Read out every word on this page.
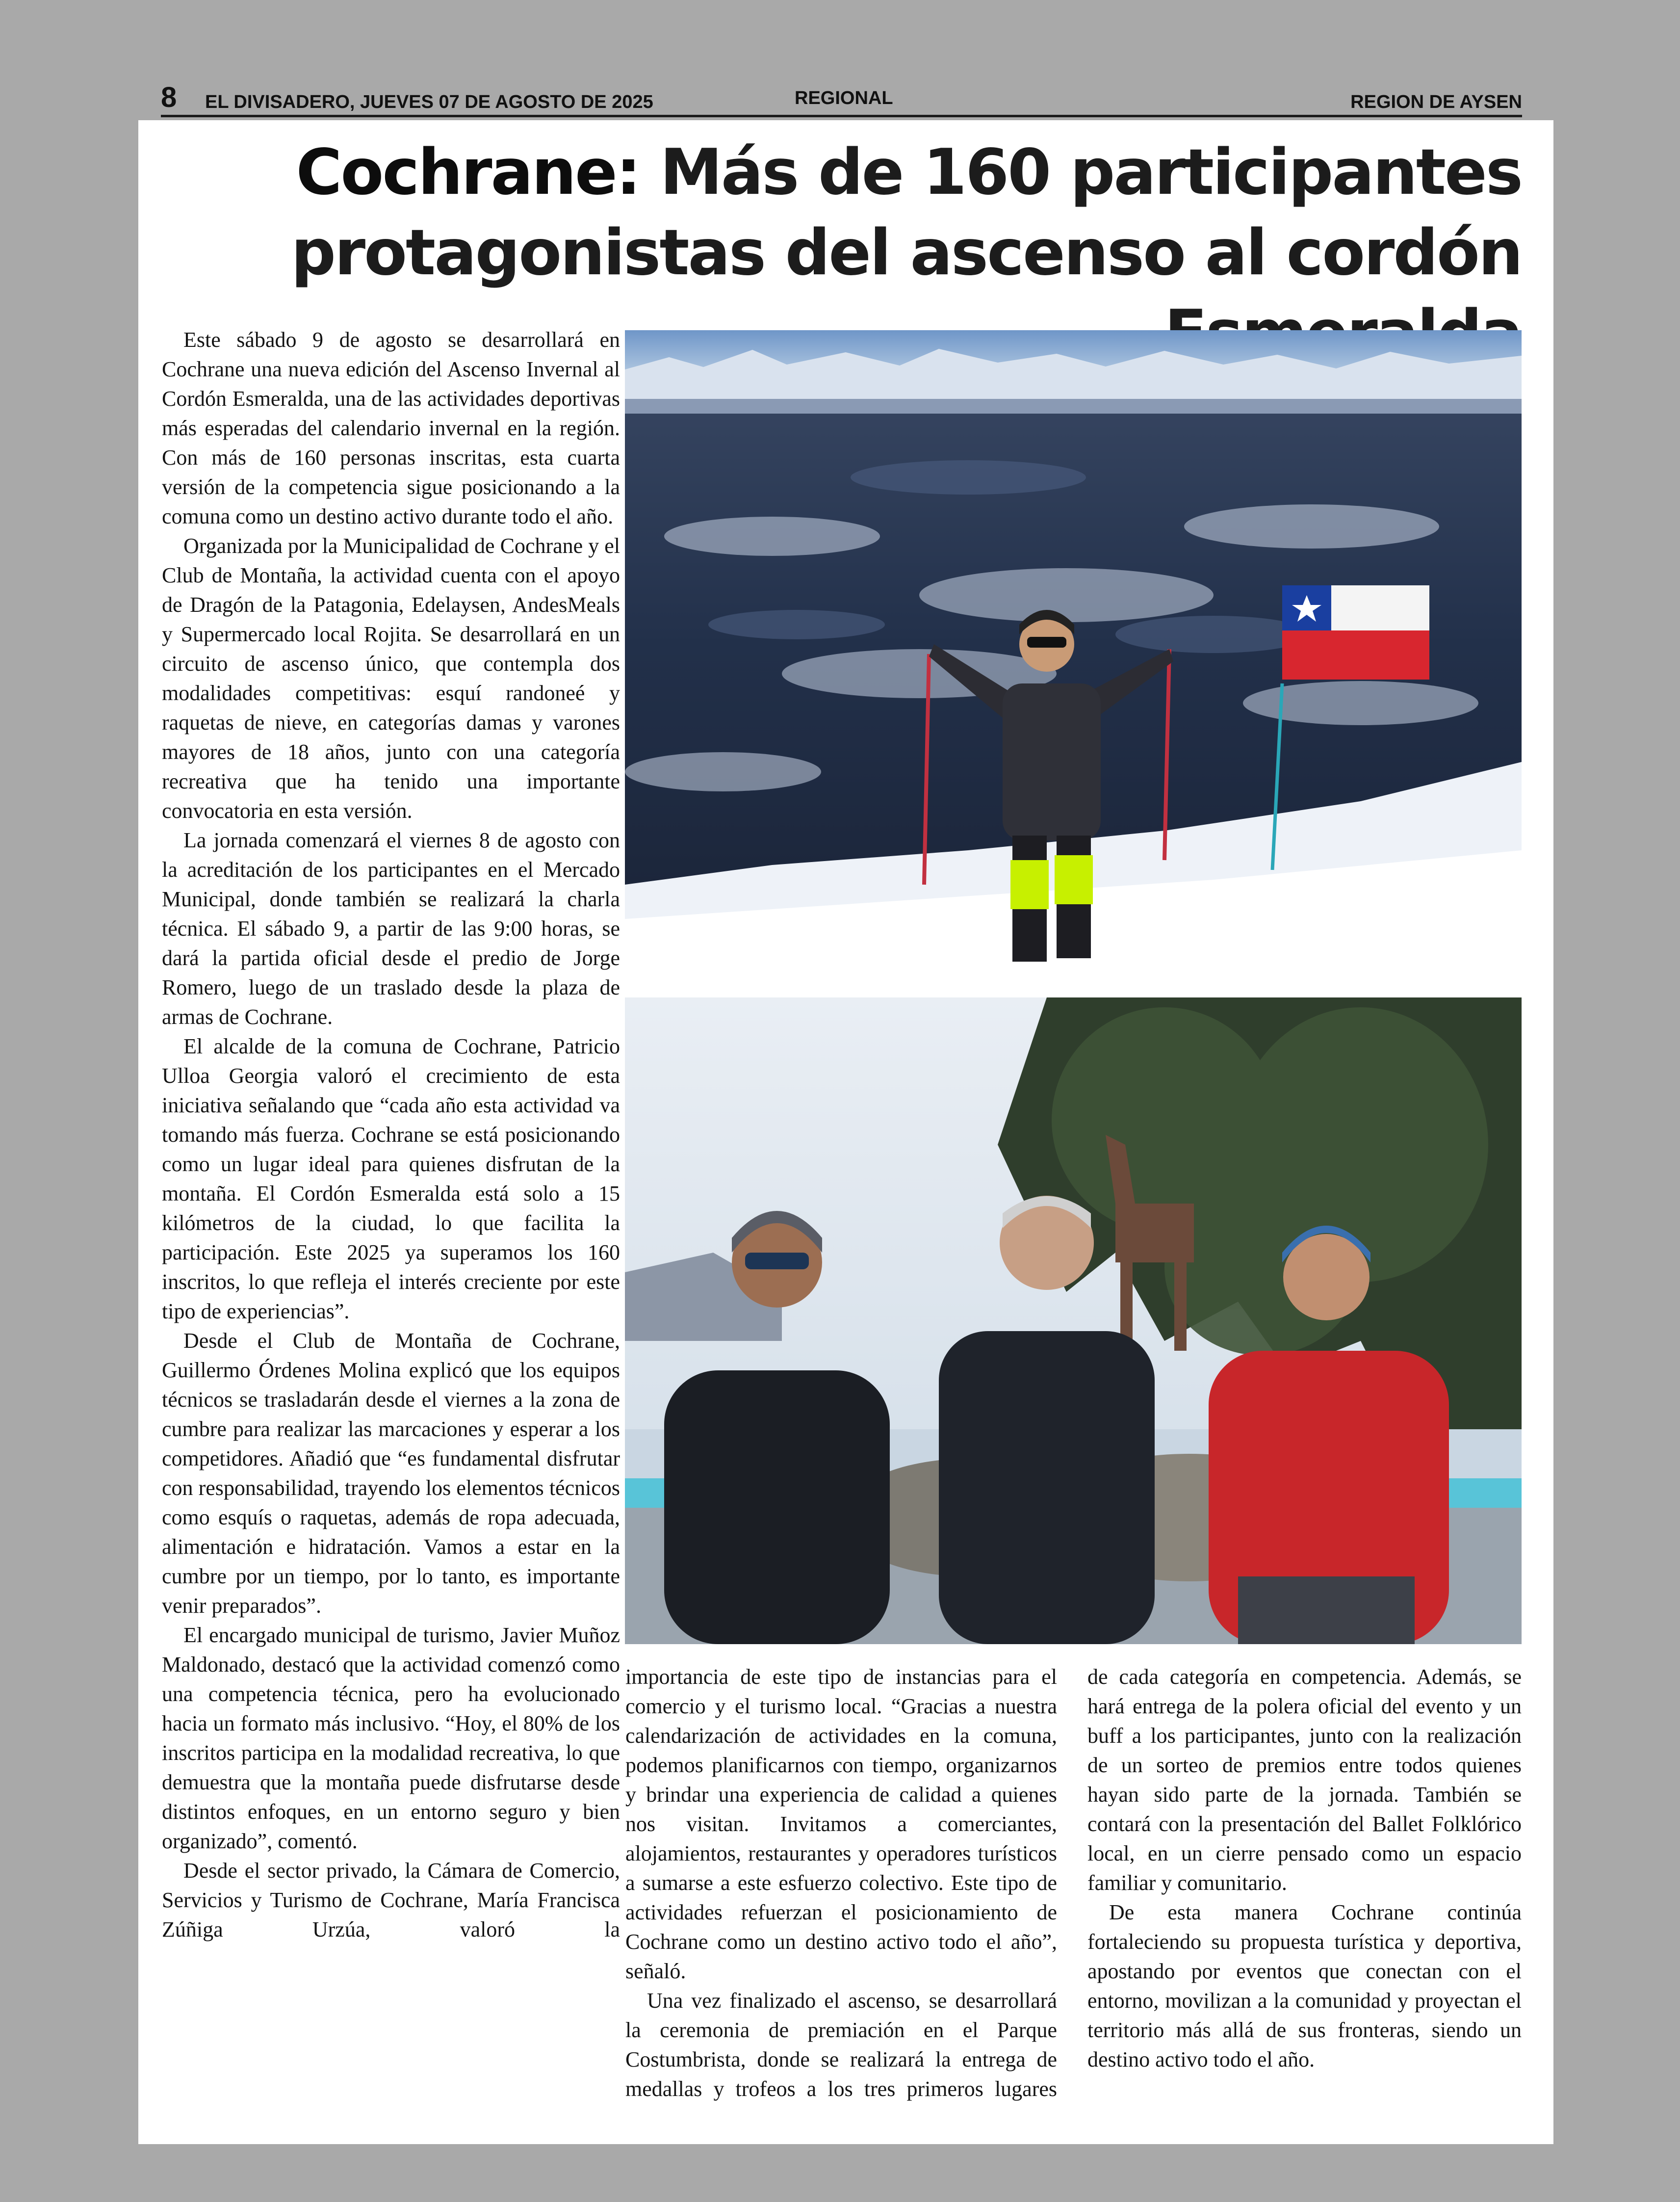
8 EL DIVISADERO, JUEVES 07 DE AGOSTO DE 2025	REGIONAL	REGION DE AYSEN
Cochrane: Más de 160 participantes
protagonistas del ascenso al cordón

Este sábado 9 de agosto se desarrollará en Cochrane una nueva edición del Ascenso Invernal al Cordón Esmeralda, una de las actividades deportivas más esperadas del calendario invernal en la región. Con más de 160 personas inscritas, esta cuarta versión de la competencia sigue posicionando a la comuna como un destino activo durante todo el año.

Organizada por la Municipalidad de Cochrane y el Club de Montaña, la actividad cuenta con el apoyo de Dragón de la Patagonia, Edelaysen, AndesMeals y Supermercado local Rojita. Se desarrollará en un circuito de ascenso único, que contempla dos modalidades competitivas: esquí randoneé y raquetas de nieve, en categorías damas y varones mayores de 18 años, junto con una categoría recreativa que ha tenido una importante convocatoria en esta versión.

La jornada comenzará el viernes 8 de agosto con la acreditación de los participantes en el Mercado Municipal, donde también se realizará la charla técnica. El sábado 9, a partir de las 9:00 horas, se dará la partida oficial desde el predio de Jorge Romero, luego de un traslado desde la plaza de armas de Cochrane.

El alcalde de la comuna de Cochrane, Patricio Ulloa Georgia valoró el crecimiento de esta iniciativa señalando que “cada año esta actividad va tomando más fuerza. Cochrane se está posicionando como un lugar ideal para quienes disfrutan de la montaña. El Cordón Esmeralda está solo a 15 kilómetros de la ciudad, lo que facilita la participación. Este 2025 ya superamos los 160 inscritos, lo que refleja el interés creciente por este tipo de experiencias”.

Desde el Club de Montaña de Cochrane, Guillermo Órdenes Molina explicó que los equipos técnicos se trasladarán desde el viernes a la zona de cumbre para realizar las marcaciones y esperar a los competidores. Añadió que “es fundamental disfrutar con responsabilidad, trayendo los elementos técnicos como esquís o raquetas, además de ropa adecuada, alimentación e hidratación. Vamos a estar en la cumbre por un tiempo, por lo tanto, es importante venir preparados”.

El encargado municipal de turismo, Javier Muñoz Maldonado, destacó que la actividad comenzó como una competencia técnica, pero ha evolucionado hacia un formato más inclusivo. “Hoy, el 80% de los inscritos participa en la modalidad recreativa, lo que demuestra que la montaña puede disfrutarse desde distintos enfoques, en un entorno seguro y bien organizado”, comentó.

Desde el sector privado, la Cámara de Comercio, Servicios y Turismo de Cochrane, María Francisca Zúñiga Urzúa, valoró la

importancia de este tipo de instancias para el comercio y el turismo local. “Gracias a nuestra calendarización de actividades en la comuna, podemos planificarnos con tiempo, organizarnos y brindar una experiencia de calidad a quienes nos visitan. Invitamos a comerciantes, alojamientos, restaurantes y operadores turísticos a sumarse a este esfuerzo colectivo. Este tipo de actividades refuerzan el posicionamiento de Cochrane como un destino activo todo el año”, señaló.

Una vez finalizado el ascenso, se desarrollará la ceremonia de premiación en el Parque Costumbrista, donde se realizará la entrega de medallas y trofeos a los tres primeros lugares

de cada categoría en competencia. Además, se hará entrega de la polera oficial del evento y un buff a los participantes, junto con la realización de un sorteo de premios entre todos quienes hayan sido parte de la jornada. También se contará con la presentación del Ballet Folklórico local, en un cierre pensado como un espacio familiar y comunitario.

De esta manera Cochrane continúa fortaleciendo su propuesta turística y deportiva, apostando por eventos que conectan con el entorno, movilizan a la comunidad y proyectan el territorio más allá de sus fronteras, siendo un destino activo todo el año.
